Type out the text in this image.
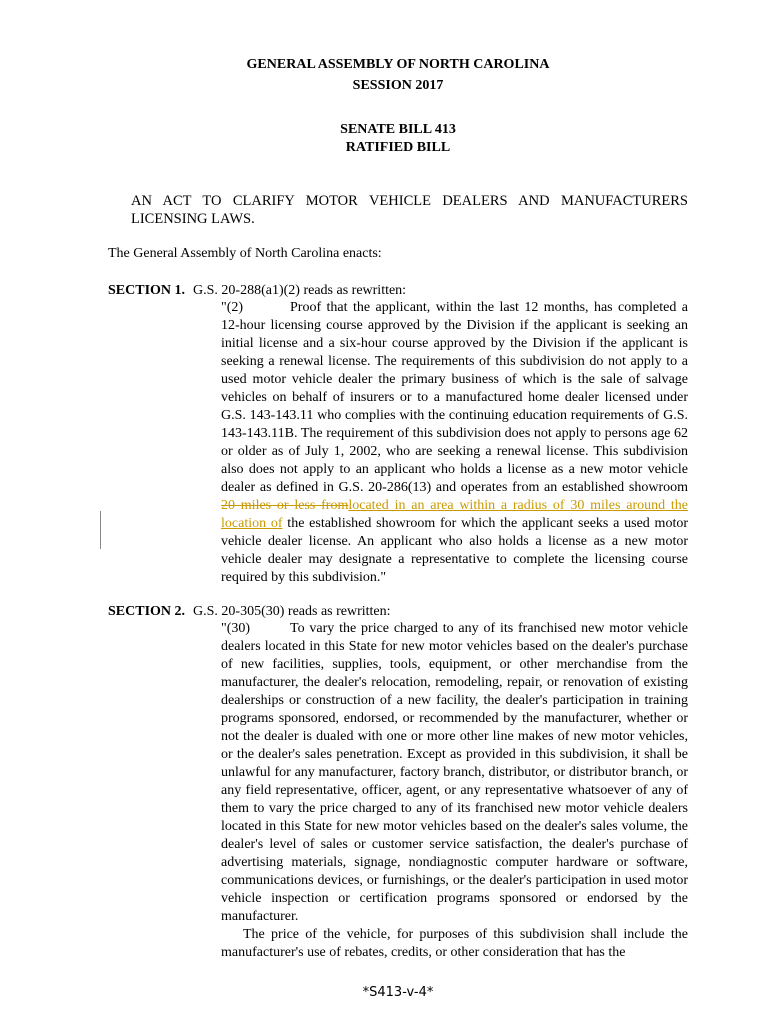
GENERAL ASSEMBLY OF NORTH CAROLINA
SESSION 2017
SENATE BILL 413
RATIFIED BILL
AN ACT TO CLARIFY MOTOR VEHICLE DEALERS AND MANUFACTURERS
LICENSING LAWS.
The General Assembly of North Carolina enacts:
SECTION 1. G.S. 20-288(a1)(2) reads as rewritten:

"(2)	Proof that the applicant, within the last 12 months, has completed a 12-hour licensing course approved by the Division if the applicant is seeking an initial license and a six-hour course approved by the Division if the applicant is seeking a renewal license. The requirements of this subdivision do not apply to a used motor vehicle dealer the primary business of which is the sale of salvage vehicles on behalf of insurers or to a manufactured home dealer licensed under G.S. 143-143.11 who complies with the continuing education requirements of G.S. 143-143.11B. The requirement of this subdivision does not apply to persons age 62 or older as of July 1, 2002, who are seeking a renewal license. This subdivision also does not apply to an applicant who holds a license as a new motor vehicle dealer as defined in G.S. 20-286(13) and operates from an established showroom 20 miles or less fromlocated in an area within a radius of 30 miles around the location of the established showroom for which the applicant seeks a used motor vehicle dealer license. An applicant who also holds a license as a new motor vehicle dealer may designate a representative to complete the licensing course required by this subdivision."

SECTION 2. G.S. 20-305(30) reads as rewritten:

"(30)	To vary the price charged to any of its franchised new motor vehicle dealers located in this State for new motor vehicles based on the dealer's purchase of new facilities, supplies, tools, equipment, or other merchandise from the manufacturer, the dealer's relocation, remodeling, repair, or renovation of existing dealerships or construction of a new facility, the dealer's participation in training programs sponsored, endorsed, or recommended by the manufacturer, whether or not the dealer is dualed with one or more other line makes of new motor vehicles, or the dealer's sales penetration. Except as provided in this subdivision, it shall be unlawful for any manufacturer, factory branch, distributor, or distributor branch, or any field representative, officer, agent, or any representative whatsoever of any of them to vary the price charged to any of its franchised new motor vehicle dealers located in this State for new motor vehicles based on the dealer's sales volume, the dealer's level of sales or customer service satisfaction, the dealer's purchase of advertising materials, signage, nondiagnostic computer hardware or software, communications devices, or furnishings, or the dealer's participation in used motor vehicle inspection or certification programs sponsored or endorsed by the manufacturer.

The price of the vehicle, for purposes of this subdivision shall include the manufacturer's use of rebates, credits, or other consideration that has the

*S413-v-4*
